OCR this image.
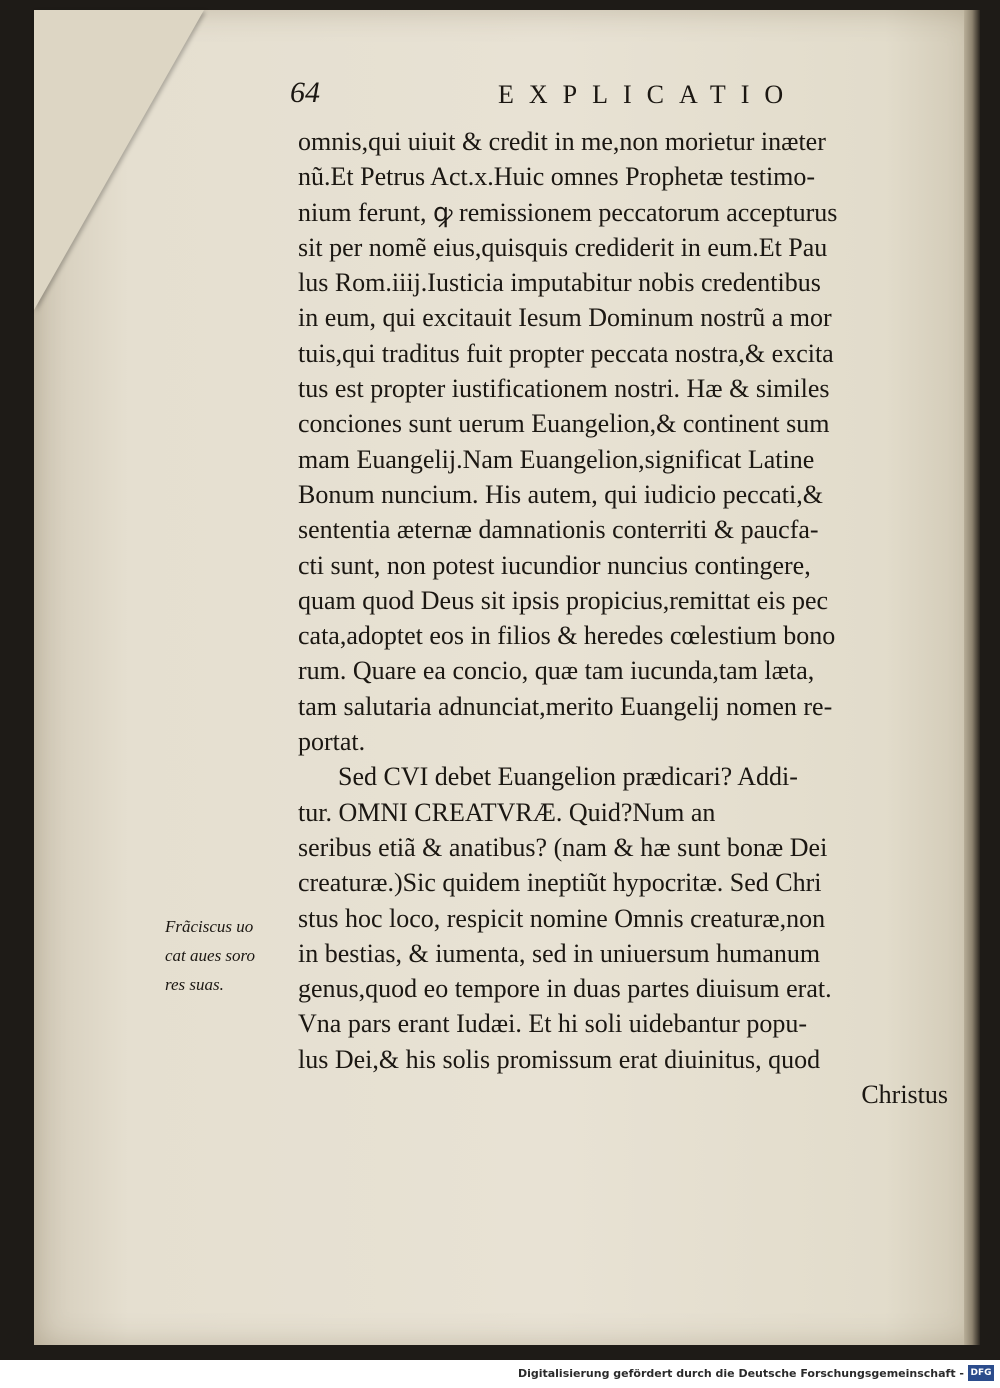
64	EXPLICATIO
omnis,qui uiuit & credit in me,non morietur inæter
nũ.Et Petrus Act.x.Huic omnes Prophetæ testimo-
nium ferunt, ꝙ remissionem peccatorum accepturus
sit per nomẽ eius,quisquis crediderit in eum.Et Pau
lus Rom.iiij.Iusticia imputabitur nobis credentibus
in eum, qui excitauit Iesum Dominum nostrũ a mor
tuis,qui traditus fuit propter peccata nostra,& excita
tus est propter iustificationem nostri. Hæ & similes
conciones sunt uerum Euangelion,& continent sum
mam Euangelij.Nam Euangelion,significat Latine
Bonum nuncium. His autem, qui iudicio peccati,&
sententia æternæ damnationis conterriti & paucfa-
cti sunt, non potest iucundior nuncius contingere,
quam quod Deus sit ipsis propicius,remittat eis pec
cata,adoptet eos in filios & heredes cœlestium bono
rum. Quare ea concio, quæ tam iucunda,tam læta,
tam salutaria adnunciat,merito Euangelij nomen re-
portat.
Sed CVI debet Euangelion prædicari? Addi-
tur. OMNI CREATVRÆ. Quid?Num an
seribus etiã & anatibus? (nam & hæ sunt bonæ Dei
creaturæ.)Sic quidem ineptiũt hypocritæ. Sed Chri
stus hoc loco, respicit nomine Omnis creaturæ,non
in bestias, & iumenta, sed in uniuersum humanum
genus,quod eo tempore in duas partes diuisum erat.
Vna pars erant Iudæi. Et hi soli uidebantur popu-
lus Dei,& his solis promissum erat diuinitus, quod
Christus
Frãciscus uo
cat aues soro
res suas.
Digitalisierung gefördert durch die Deutsche Forschungsgemeinschaft - DFG
